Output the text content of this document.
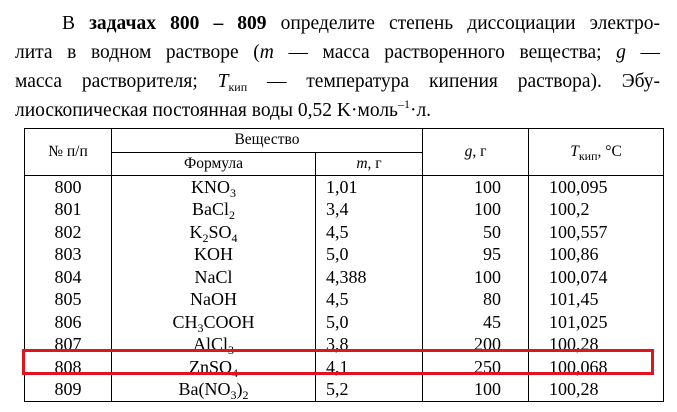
В задачах 800 – 809 определите степень диссоциации электро-
лита в водном растворе (m — масса растворенного вещества; g —
масса растворителя; $T_{кип}$ — температура кипения раствора). Эбу-
лиоскопическая постоянная воды 0,52 K·моль$^{-1}$·л.
№ п/п	Вещество		g, г	$T_{кип}$, °C
	Формула	m, г		
800	$KNO_3$	1,01	100	100,095
801	BaCl$_2$	3,4	100	100,2
802	$K_2SO_4$	4,5	50	100,557
803	KOH	5,0	95	100,86
804	NaCl	4,388	100	100,074
805	NaOH	4,5	80	101,45
806	$CH_3COOH$	5,0	45	101,025
807	AlCl$_3$	3,8	200	100,28
808	ZnSO$_4$	4,1	250	100,068
809	$Ba(NO_3)_2$	5,2	100	100,28
